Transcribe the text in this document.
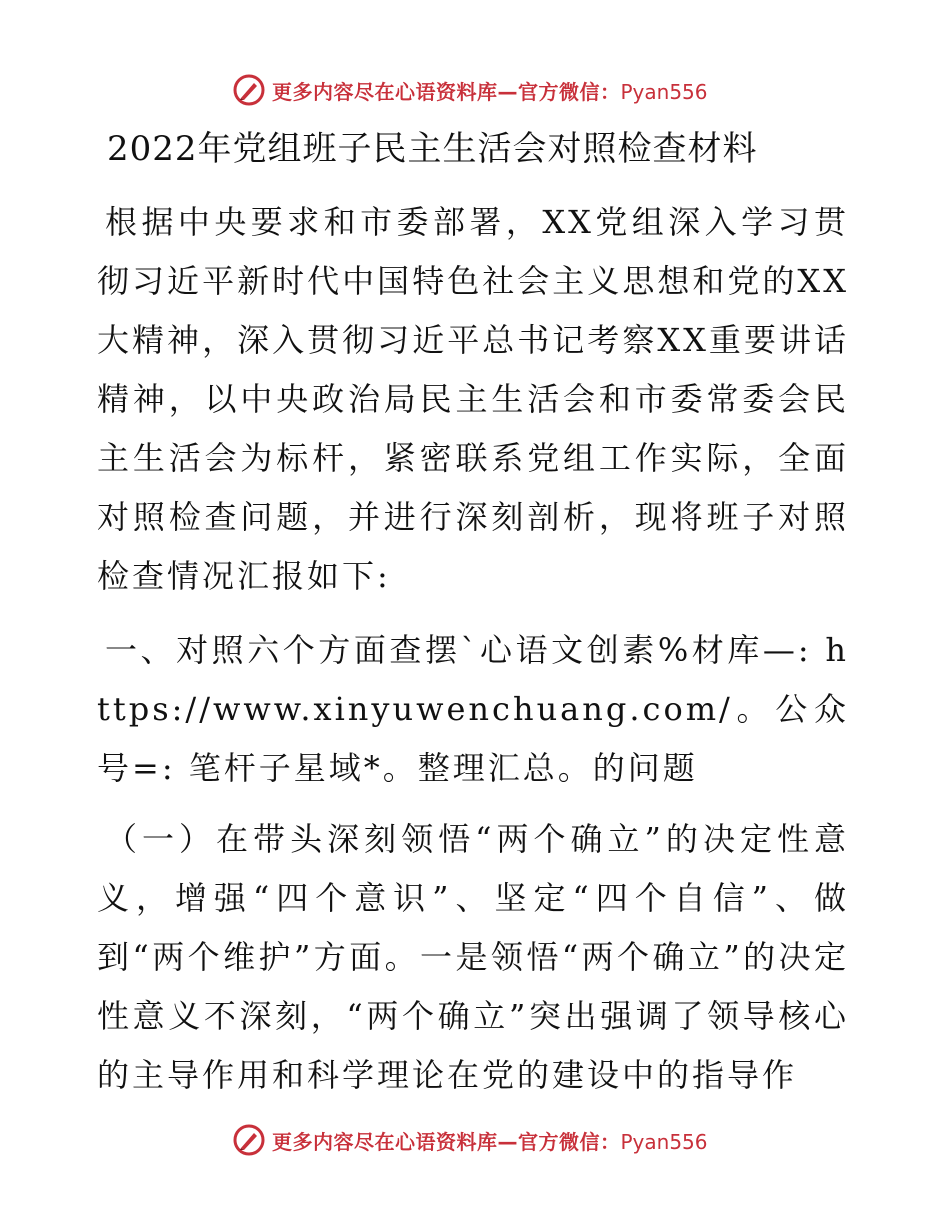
更多内容尽在心语资料库—官方微信：Pyan556
2022年党组班子民主生活会对照检查材料
根据中央要求和市委部署，XX党组深入学习贯彻习近平新时代中国特色社会主义思想和党的XX大精神，深入贯彻习近平总书记考察XX重要讲话精神，以中央政治局民主生活会和市委常委会民主生活会为标杆，紧密联系党组工作实际，全面对照检查问题，并进行深刻剖析，现将班子对照检查情况汇报如下:
一、对照六个方面查摆`心语文创素%材库—: https://www.xinyuwenchuang.com/。公众号=: 笔杆子星域*。整理汇总。的问题
（一）在带头深刻领悟“两个确立”的决定性意义，增强“四个意识”、坚定“四个自信”、做到“两个维护”方面。一是领悟“两个确立”的决定性意义不深刻，“两个确立”突出强调了领导核心的主导作用和科学理论在党的建设中的指导作
更多内容尽在心语资料库—官方微信：Pyan556
